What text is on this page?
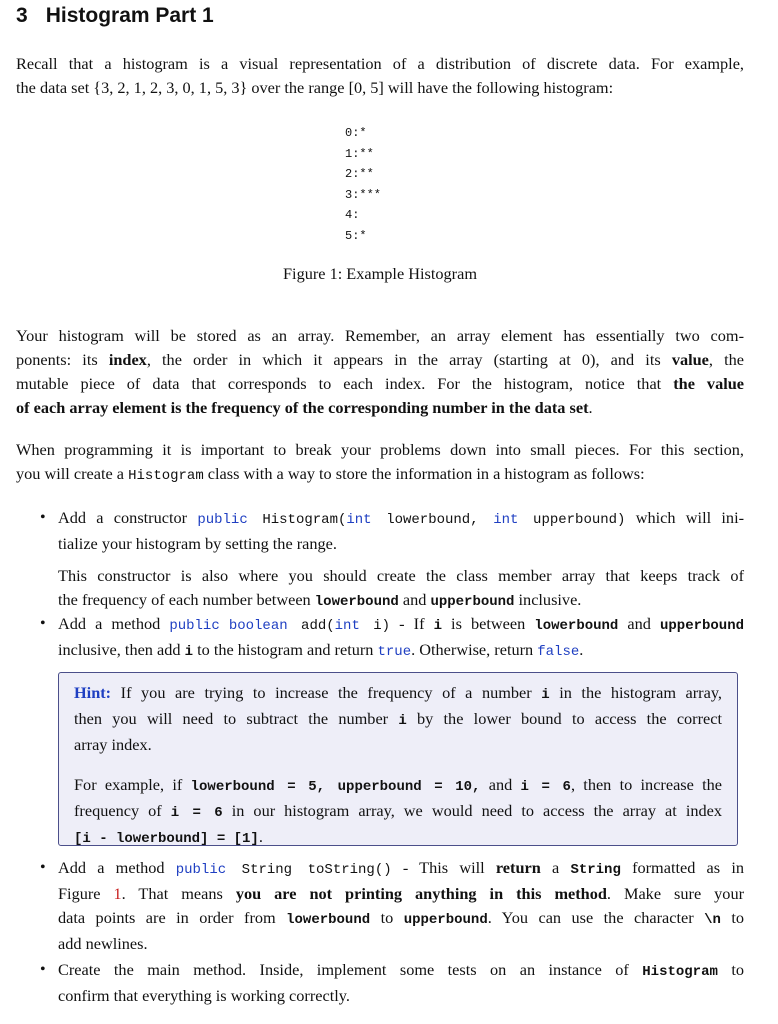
3 Histogram Part 1
Recall that a histogram is a visual representation of a distribution of discrete data. For example,
the data set {3, 2, 1, 2, 3, 0, 1, 5, 3} over the range [0, 5] will have the following histogram:
0:*
1:**
2:**
3:***
4:
5:*
Figure 1: Example Histogram
Your histogram will be stored as an array. Remember, an array element has essentially two com-
ponents: its index, the order in which it appears in the array (starting at 0), and its value, the
mutable piece of data that corresponds to each index. For the histogram, notice that the value
of each array element is the frequency of the corresponding number in the data set.
When programming it is important to break your problems down into small pieces. For this section,
you will create a Histogram class with a way to store the information in a histogram as follows:
• Add a constructor public Histogram(int lowerbound, int upperbound) which will ini-
tialize your histogram by setting the range.
This constructor is also where you should create the class member array that keeps track of
the frequency of each number between lowerbound and upperbound inclusive.
• Add a method public boolean add(int i) - If i is between lowerbound and upperbound
inclusive, then add i to the histogram and return true. Otherwise, return false.
Hint: If you are trying to increase the frequency of a number i in the histogram array,
then you will need to subtract the number i by the lower bound to access the correct
array index.
For example, if lowerbound = 5, upperbound = 10, and i = 6, then to increase the
frequency of i = 6 in our histogram array, we would need to access the array at index
[i - lowerbound] = [1].
• Add a method public String toString() - This will return a String formatted as in
Figure 1. That means you are not printing anything in this method. Make sure your
data points are in order from lowerbound to upperbound. You can use the character \n to
add newlines.
• Create the main method. Inside, implement some tests on an instance of Histogram to
confirm that everything is working correctly.
